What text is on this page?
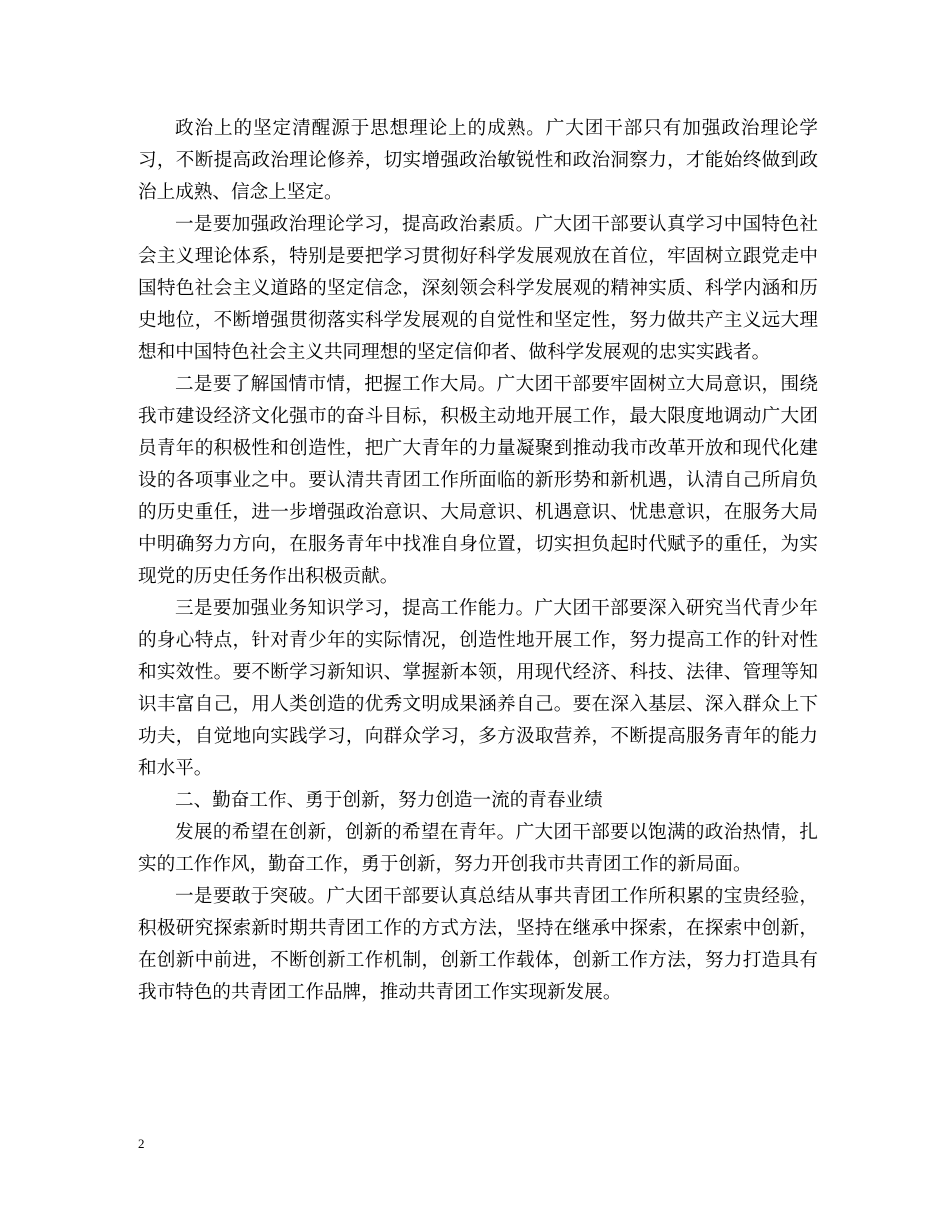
政治上的坚定清醒源于思想理论上的成熟。广大团干部只有加强政治理论学习，不断提高政治理论修养，切实增强政治敏锐性和政治洞察力，才能始终做到政治上成熟、信念上坚定。

一是要加强政治理论学习，提高政治素质。广大团干部要认真学习中国特色社会主义理论体系，特别是要把学习贯彻好科学发展观放在首位，牢固树立跟党走中国特色社会主义道路的坚定信念，深刻领会科学发展观的精神实质、科学内涵和历史地位，不断增强贯彻落实科学发展观的自觉性和坚定性，努力做共产主义远大理想和中国特色社会主义共同理想的坚定信仰者、做科学发展观的忠实实践者。

二是要了解国情市情，把握工作大局。广大团干部要牢固树立大局意识，围绕我市建设经济文化强市的奋斗目标，积极主动地开展工作，最大限度地调动广大团员青年的积极性和创造性，把广大青年的力量凝聚到推动我市改革开放和现代化建设的各项事业之中。要认清共青团工作所面临的新形势和新机遇，认清自己所肩负的历史重任，进一步增强政治意识、大局意识、机遇意识、忧患意识，在服务大局中明确努力方向，在服务青年中找准自身位置，切实担负起时代赋予的重任，为实现党的历史任务作出积极贡献。

三是要加强业务知识学习，提高工作能力。广大团干部要深入研究当代青少年的身心特点，针对青少年的实际情况，创造性地开展工作，努力提高工作的针对性和实效性。要不断学习新知识、掌握新本领，用现代经济、科技、法律、管理等知识丰富自己，用人类创造的优秀文明成果涵养自己。要在深入基层、深入群众上下功夫，自觉地向实践学习，向群众学习，多方汲取营养，不断提高服务青年的能力和水平。

二、勤奋工作、勇于创新，努力创造一流的青春业绩

发展的希望在创新，创新的希望在青年。广大团干部要以饱满的政治热情，扎实的工作作风，勤奋工作，勇于创新，努力开创我市共青团工作的新局面。

一是要敢于突破。广大团干部要认真总结从事共青团工作所积累的宝贵经验，积极研究探索新时期共青团工作的方式方法，坚持在继承中探索，在探索中创新，在创新中前进，不断创新工作机制，创新工作载体，创新工作方法，努力打造具有我市特色的共青团工作品牌，推动共青团工作实现新发展。

2
